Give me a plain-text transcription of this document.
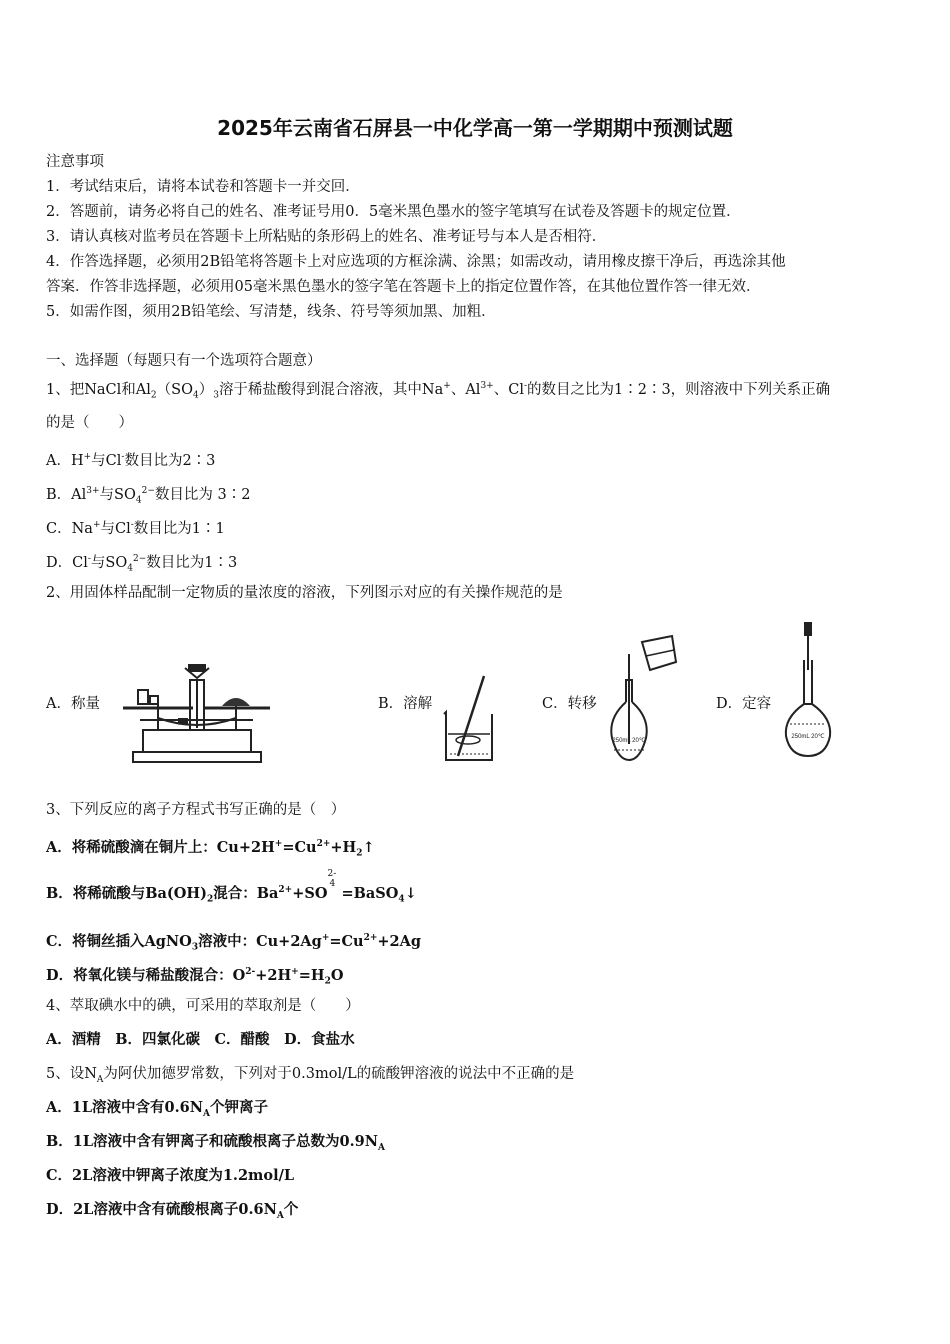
2025年云南省石屏县一中化学高一第一学期期中预测试题
注意事项
1．考试结束后，请将本试卷和答题卡一并交回．
2．答题前，请务必将自己的姓名、准考证号用0．5毫米黑色墨水的签字笔填写在试卷及答题卡的规定位置．
3．请认真核对监考员在答题卡上所粘贴的条形码上的姓名、准考证号与本人是否相符．
4．作答选择题，必须用2B铅笔将答题卡上对应选项的方框涂满、涂黑；如需改动，请用橡皮擦干净后，再选涂其他
答案．作答非选择题，必须用05毫米黑色墨水的签字笔在答题卡上的指定位置作答，在其他位置作答一律无效．
5．如需作图，须用2B铅笔绘、写清楚，线条、符号等须加黑、加粗．
一、选择题（每题只有一个选项符合题意）
1、把NaCl和$Al_2(SO_4)_3$溶于稀盐酸得到混合溶液，其中Na+、$Al^{3+}$、Cl-的数目之比为1∶2∶3，则溶液中下列关系正确
的是（　　）
A．H+与Cl-数目比为2∶3
B．$Al^{3+}$与$SO_4^{2-}$数目比为 3∶2
C．Na+与Cl-数目比为1∶1
D．Cl-与$SO_4^{2-}$数目比为1∶3
2、用固体样品配制一定物质的量浓度的溶液，下列图示对应的有关操作规范的是
A．称量	B．溶解	C．转移
250mL 20℃
D．定容
250mL 20℃
3、下列反应的离子方程式书写正确的是（　）
A．将稀硫酸滴在铜片上：$Cu+2H^+=Cu^{2+}+H_2↑$
B．将稀硫酸与$Ba(OH)_2$混合：$Ba^{2+}+SO$
2-
4
=BaSO$_4$↓
C．将铜丝插入AgNO$_3$溶液中：$Cu+2Ag^+=Cu^{2+}+2Ag$
D．将氧化镁与稀盐酸混合：$O^{2-}+2H^+=H_2O$
4、萃取碘水中的碘，可采用的萃取剂是（　　）
A．酒精　B．四氯化碳　C．醋酸　D．食盐水
5、设$N_A$为阿伏加德罗常数，下列对于0.3mol/L的硫酸钾溶液的说法中不正确的是
A．1L溶液中含有$0.6N_A$个钾离子
B．1L溶液中含有钾离子和硫酸根离子总数为$0.9N_A$
C．2L溶液中钾离子浓度为1.2mol/L
D．2L溶液中含有硫酸根离子$0.6N_A$个
